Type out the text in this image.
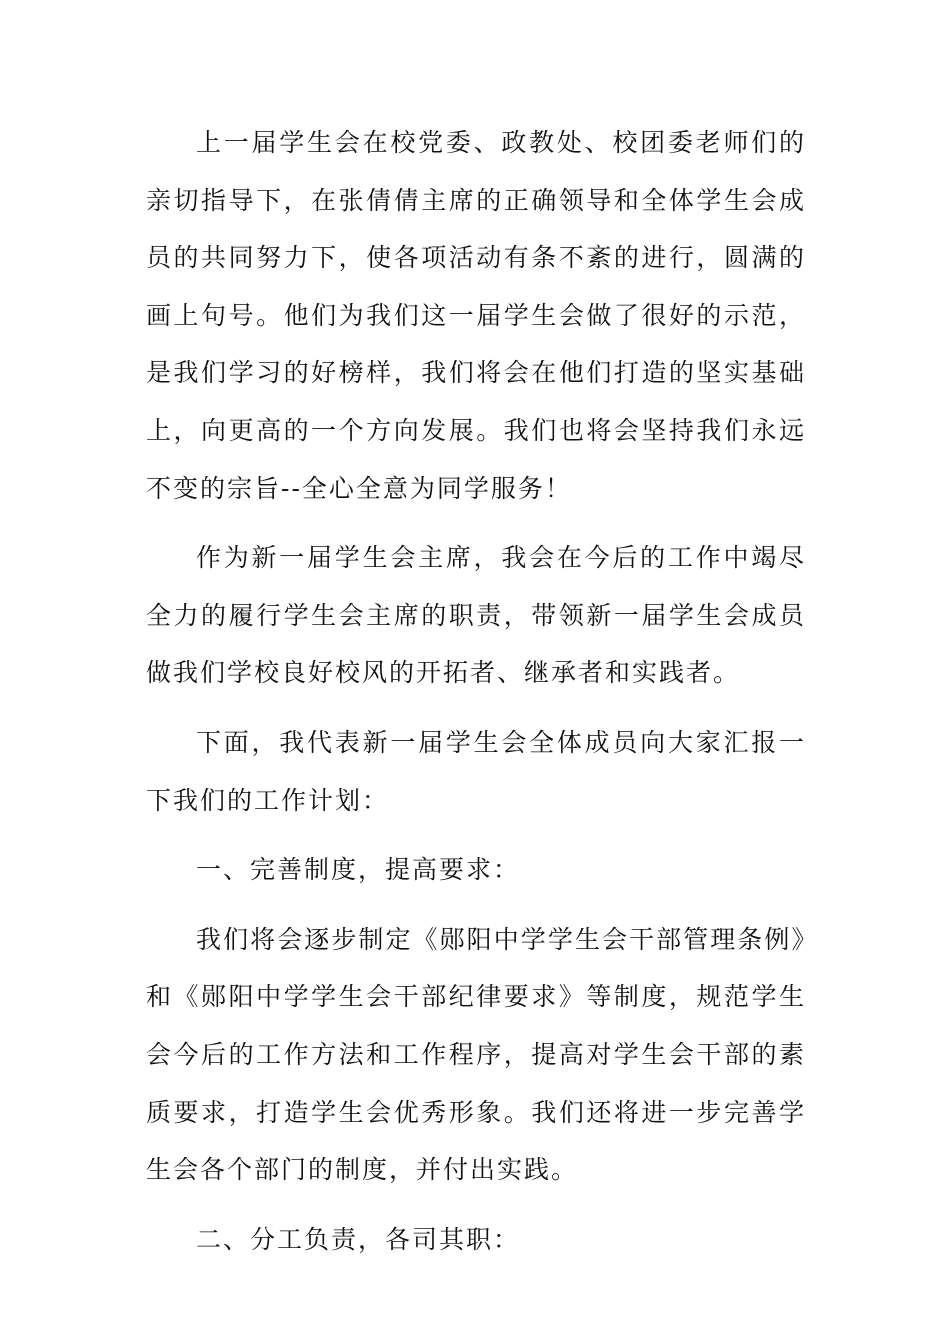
上一届学生会在校党委、政教处、校团委老师们的亲切指导下，在张倩倩主席的正确领导和全体学生会成员的共同努力下，使各项活动有条不紊的进行，圆满的画上句号。他们为我们这一届学生会做了很好的示范，是我们学习的好榜样，我们将会在他们打造的坚实基础上，向更高的一个方向发展。我们也将会坚持我们永远不变的宗旨--全心全意为同学服务！

作为新一届学生会主席，我会在今后的工作中竭尽全力的履行学生会主席的职责，带领新一届学生会成员做我们学校良好校风的开拓者、继承者和实践者。

下面，我代表新一届学生会全体成员向大家汇报一下我们的工作计划：

一、完善制度，提高要求：

我们将会逐步制定《郧阳中学学生会干部管理条例》和《郧阳中学学生会干部纪律要求》等制度，规范学生会今后的工作方法和工作程序，提高对学生会干部的素质要求，打造学生会优秀形象。我们还将进一步完善学生会各个部门的制度，并付出实践。

二、分工负责，各司其职：
